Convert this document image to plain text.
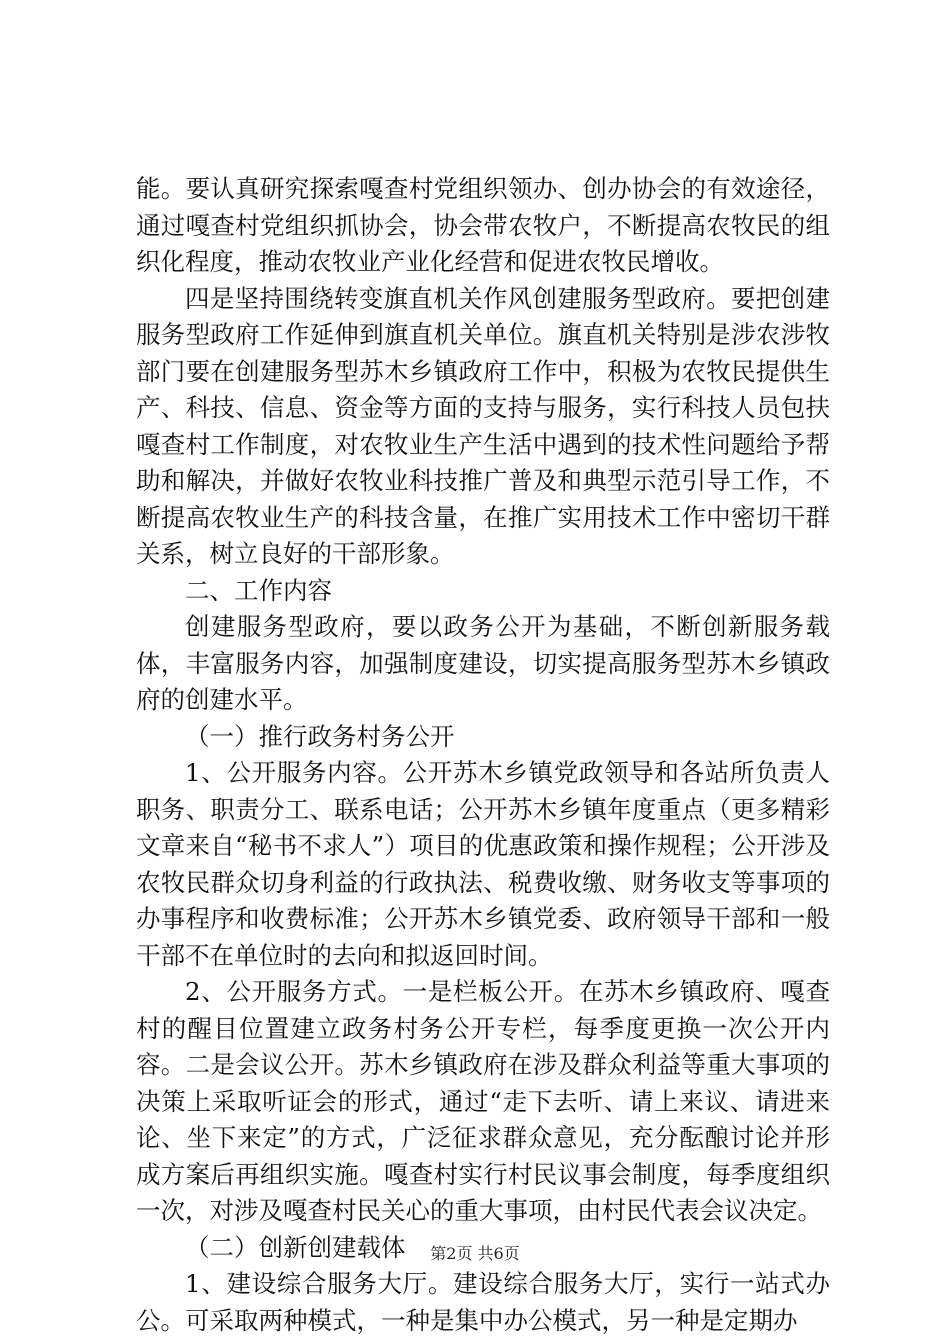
能。要认真研究探索嘎查村党组织领办、创办协会的有效途径，通过嘎查村党组织抓协会，协会带农牧户，不断提高农牧民的组织化程度，推动农牧业产业化经营和促进农牧民增收。

四是坚持围绕转变旗直机关作风创建服务型政府。要把创建服务型政府工作延伸到旗直机关单位。旗直机关特别是涉农涉牧部门要在创建服务型苏木乡镇政府工作中，积极为农牧民提供生产、科技、信息、资金等方面的支持与服务，实行科技人员包扶嘎查村工作制度，对农牧业生产生活中遇到的技术性问题给予帮助和解决，并做好农牧业科技推广普及和典型示范引导工作，不断提高农牧业生产的科技含量，在推广实用技术工作中密切干群关系，树立良好的干部形象。

二、工作内容

创建服务型政府，要以政务公开为基础，不断创新服务载体，丰富服务内容，加强制度建设，切实提高服务型苏木乡镇政府的创建水平。

（一）推行政务村务公开

1、公开服务内容。公开苏木乡镇党政领导和各站所负责人职务、职责分工、联系电话；公开苏木乡镇年度重点（更多精彩文章来自“秘书不求人”）项目的优惠政策和操作规程；公开涉及农牧民群众切身利益的行政执法、税费收缴、财务收支等事项的办事程序和收费标准；公开苏木乡镇党委、政府领导干部和一般干部不在单位时的去向和拟返回时间。

2、公开服务方式。一是栏板公开。在苏木乡镇政府、嘎查村的醒目位置建立政务村务公开专栏，每季度更换一次公开内容。二是会议公开。苏木乡镇政府在涉及群众利益等重大事项的决策上采取听证会的形式，通过“走下去听、请上来议、请进来论、坐下来定”的方式，广泛征求群众意见，充分酝酿讨论并形成方案后再组织实施。嘎查村实行村民议事会制度，每季度组织一次，对涉及嘎查村民关心的重大事项，由村民代表会议决定。

（二）创新创建载体

1、建设综合服务大厅。建设综合服务大厅，实行一站式办公。可采取两种模式，一种是集中办公模式，另一种是定期办

第2页 共6页
